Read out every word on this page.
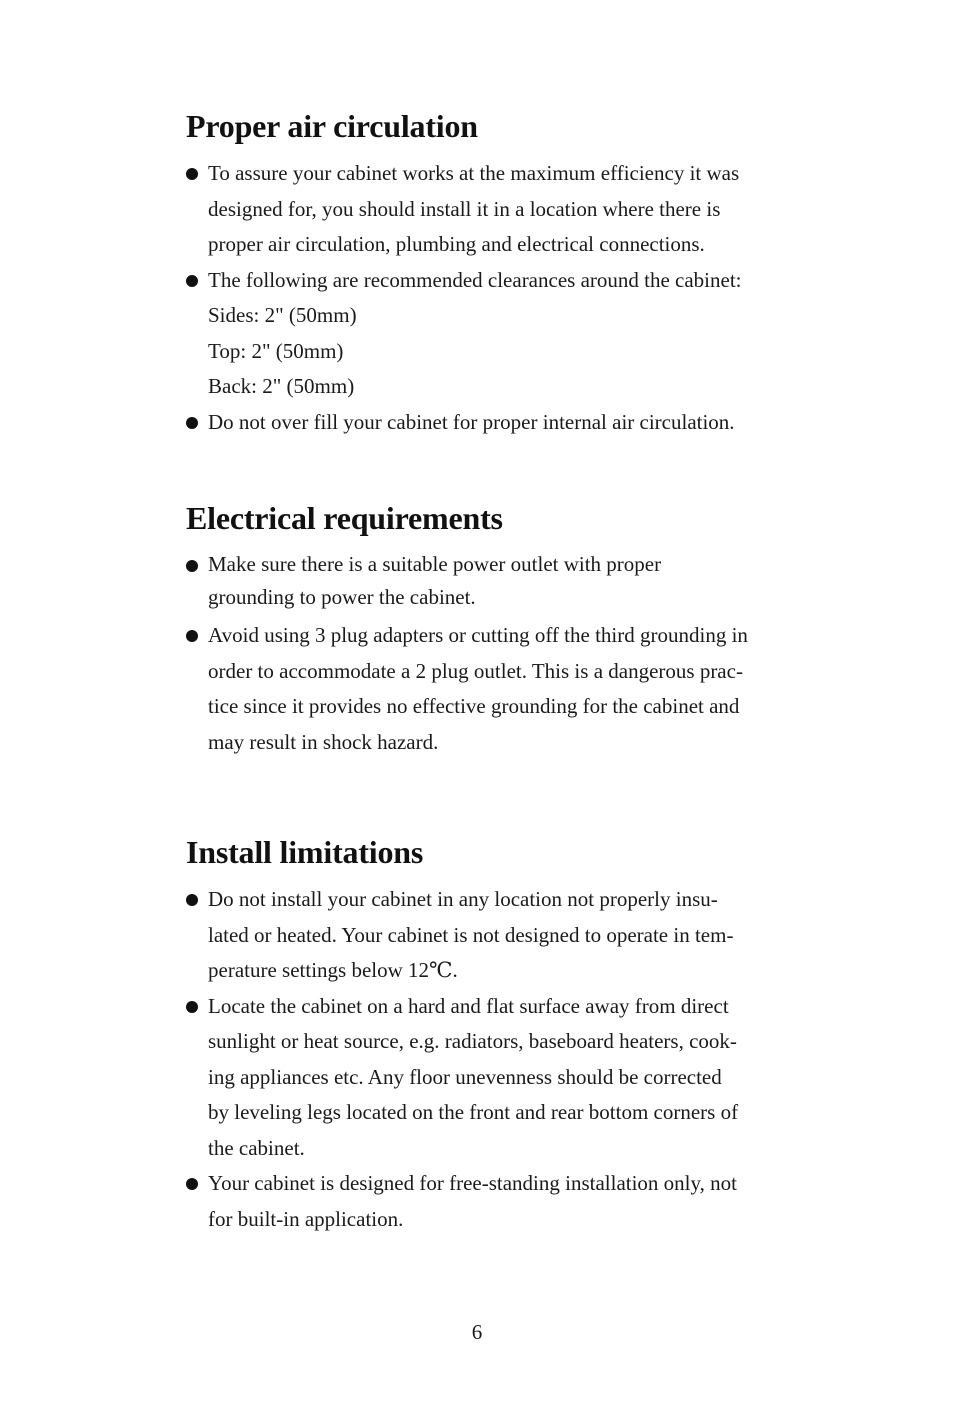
Proper air circulation
To assure your cabinet works at the maximum efficiency it was
designed for, you should install it in a location where there is
proper air circulation, plumbing and electrical connections.
The following are recommended clearances around the cabinet:
Sides: 2" (50mm)
Top: 2" (50mm)
Back: 2" (50mm)
Do not over fill your cabinet for proper internal air circulation.
Electrical requirements
Make sure there is a suitable power outlet with proper
grounding to power the cabinet.
Avoid using 3 plug adapters or cutting off the third grounding in
order to accommodate a 2 plug outlet. This is a dangerous prac-
tice since it provides no effective grounding for the cabinet and
may result in shock hazard.
Install limitations
Do not install your cabinet in any location not properly insu-
lated or heated. Your cabinet is not designed to operate in tem-
perature settings below 12℃.
Locate the cabinet on a hard and flat surface away from direct
sunlight or heat source, e.g. radiators, baseboard heaters, cook-
ing appliances etc. Any floor unevenness should be corrected
by leveling legs located on the front and rear bottom corners of
the cabinet.
Your cabinet is designed for free-standing installation only, not
for built-in application.
6
